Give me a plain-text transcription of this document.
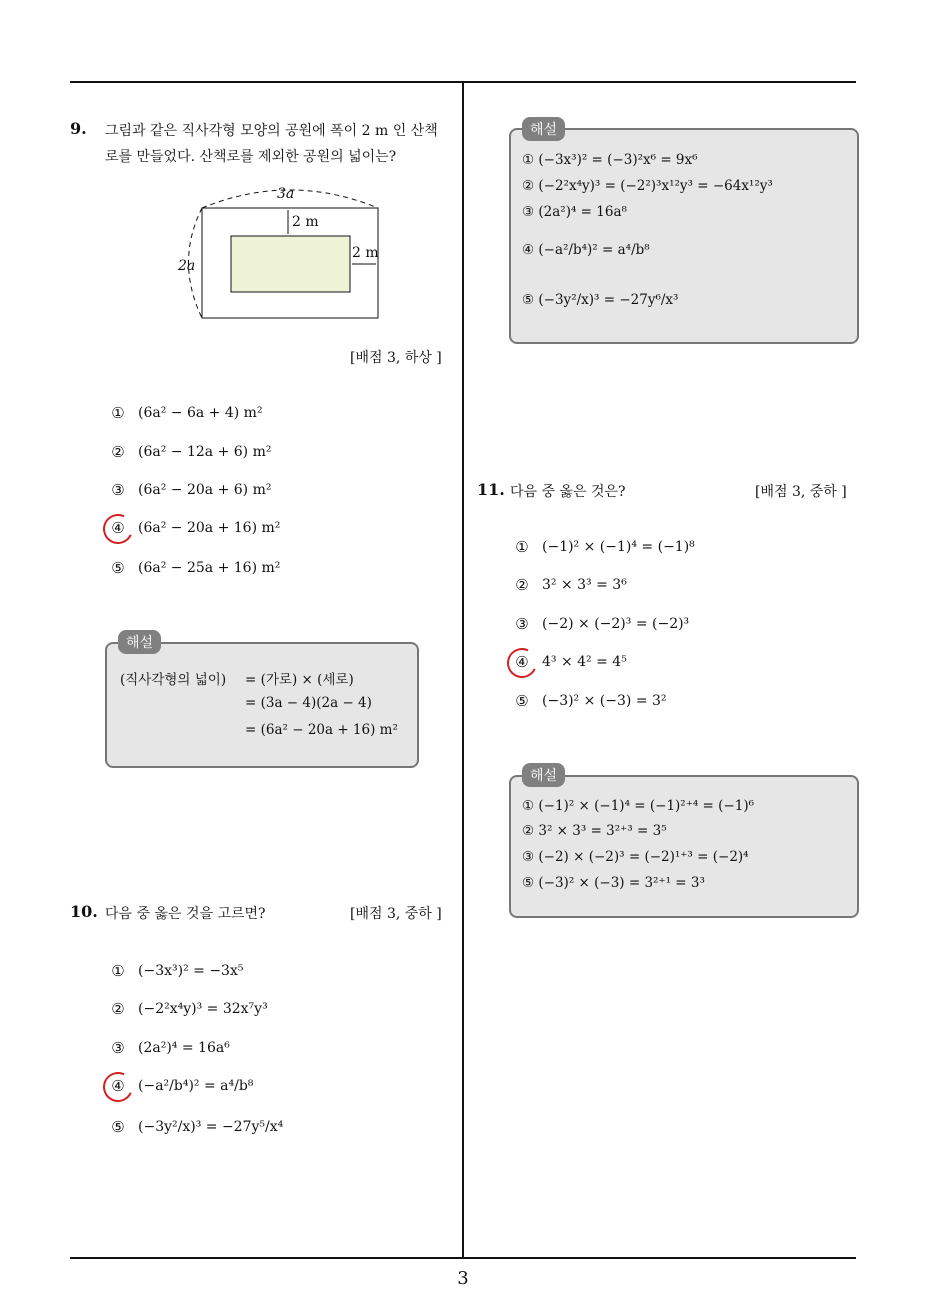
3
9. 그림과 같은 직사각형 모양의 공원에 폭이 2 m 인 산책
로를 만들었다. 산책로를 제외한 공원의 넓이는?
3a
2a
2 m
2 m
[배점 3, 하상 ]
① (6a² − 6a + 4) m²
② (6a² − 12a + 6) m²
③ (6a² − 20a + 6) m²
④ (6a² − 20a + 16) m²
⑤ (6a² − 25a + 16) m²
해설
(직사각형의 넓이) = (가로) × (세로)
= (3a − 4)(2a − 4)
= (6a² − 20a + 16) m²
10. 다음 중 옳은 것을 고르면?	[배점 3, 중하 ]
① (−3x³)² = −3x⁵
② (−2²x⁴y)³ = 32x⁷y³
③ (2a²)⁴ = 16a⁶
④ (−a²/b⁴)² = a⁴/b⁸
⑤ (−3y²/x)³ = −27y⁵/x⁴
해설
① (−3x³)² = (−3)²x⁶ = 9x⁶
② (−2²x⁴y)³ = (−2²)³x¹²y³ = −64x¹²y³
③ (2a²)⁴ = 16a⁸
④ (−a²/b⁴)² = a⁴/b⁸
⑤ (−3y²/x)³ = −27y⁶/x³
11. 다음 중 옳은 것은?	[배점 3, 중하 ]
① (−1)² × (−1)⁴ = (−1)⁸
② 3² × 3³ = 3⁶
③ (−2) × (−2)³ = (−2)³
④ 4³ × 4² = 4⁵
⑤ (−3)² × (−3) = 3²
해설
① (−1)² × (−1)⁴ = (−1)²⁺⁴ = (−1)⁶
② 3² × 3³ = 3²⁺³ = 3⁵
③ (−2) × (−2)³ = (−2)¹⁺³ = (−2)⁴
⑤ (−3)² × (−3) = 3²⁺¹ = 3³
